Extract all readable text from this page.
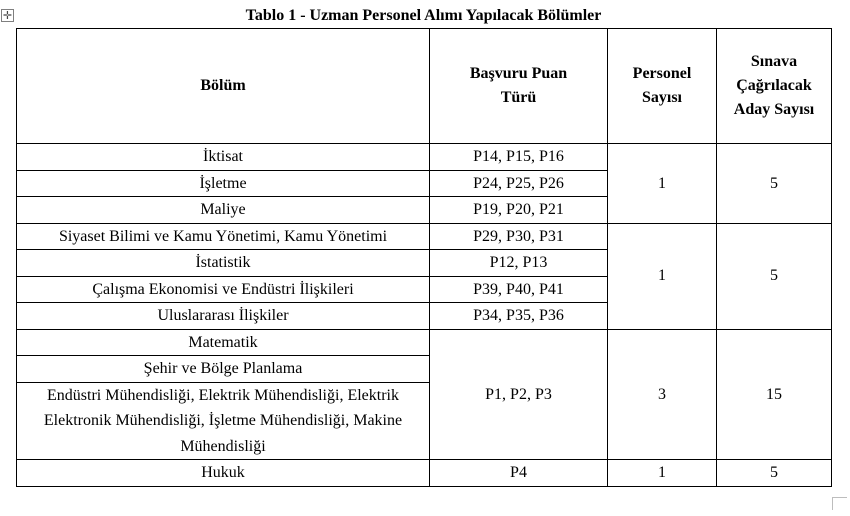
✛	Tablo 1 - Uzman Personel Alımı Yapılacak Bölümler
Bölüm	Başvuru Puan Türü	Personel Sayısı	Sınava Çağrılacak Aday Sayısı
İktisat	P14, P15, P16	1	5
İşletme	P24, P25, P26		
Maliye	P19, P20, P21		
Siyaset Bilimi ve Kamu Yönetimi, Kamu Yönetimi	P29, P30, P31	1	5
İstatistik	P12, P13		
Çalışma Ekonomisi ve Endüstri İlişkileri	P39, P40, P41		
Uluslararası İlişkiler	P34, P35, P36		
Matematik	P1, P2, P3	3	15
Şehir ve Bölge Planlama			
Endüstri Mühendisliği, Elektrik Mühendisliği, Elektrik Elektronik Mühendisliği, İşletme Mühendisliği, Makine Mühendisliği			
Hukuk	P4	1	5
